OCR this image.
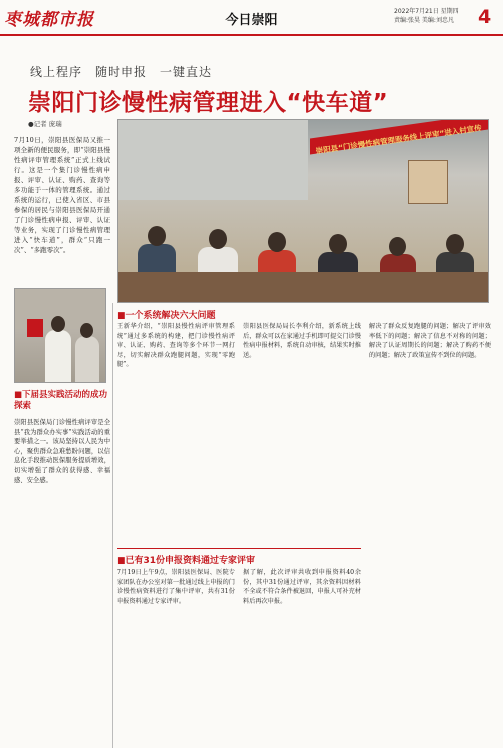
枣城都市报	今日崇阳
2022年7月21日 星期四
责编:张昊 美编:刘忠凡 4
线上程序　随时申报　一键直达
崇阳门诊慢性病管理进入“快车道”
●记者 庞瑞	崇阳县“门诊慢性病管理服务线上评审”进入村宣传
7月10日，崇阳县医保局又推一项全新的便民服务，即“崇阳县慢性病评审管理系统”正式上线试行。这是一个集门诊慢性病申报、评审、认证、购药、查询等多功能于一体的管理系统。通过系统的运行，已使入省区、市县参保的居民与崇阳县医保局开通了门诊慢性病申报、评审、认证等业务，实现了门诊慢性病管理进入“快车道”，群众“只跑一次”、“多跑零次”。
■下届县实践活动的成功探索
崇阳县医保局门诊慢性病评审是全县“我为群众办实事”实践活动的重要举措之一。该局坚持以人民为中心，聚焦群众急难愁盼问题，以信息化手段推动医保服务提质增效，切实增强了群众的获得感、幸福感、安全感。
■一个系统解决六大问题
王新华介绍，“崇阳县慢性病评审管理系统”通过多系统的构建，把门诊慢性病评审、认证、购药、查询等多个环节一网打尽，切实解决群众跑腿问题，实现“零跑腿”。
崇阳县医保局局长李利介绍，新系统上线后，群众可以在家通过手机即可提交门诊慢性病申报材料，系统自动审核，结果实时推送。
解决了群众反复跑腿的问题；解决了评审效率低下的问题；解决了信息不对称的问题；解决了认证周期长的问题；解决了购药不便的问题；解决了政策宣传不到位的问题。
■已有31份申报资料通过专家评审
7月19日上午9点，崇阳县医保局、医院专家团队在办公室对第一批通过线上申报的门诊慢性病资料进行了集中评审，共有31份申报资料通过专家评审。
据了解，此次评审共收到申报资料40余份，其中31份通过评审，其余资料因材料不全或不符合条件被退回，申报人可补充材料后再次申报。
